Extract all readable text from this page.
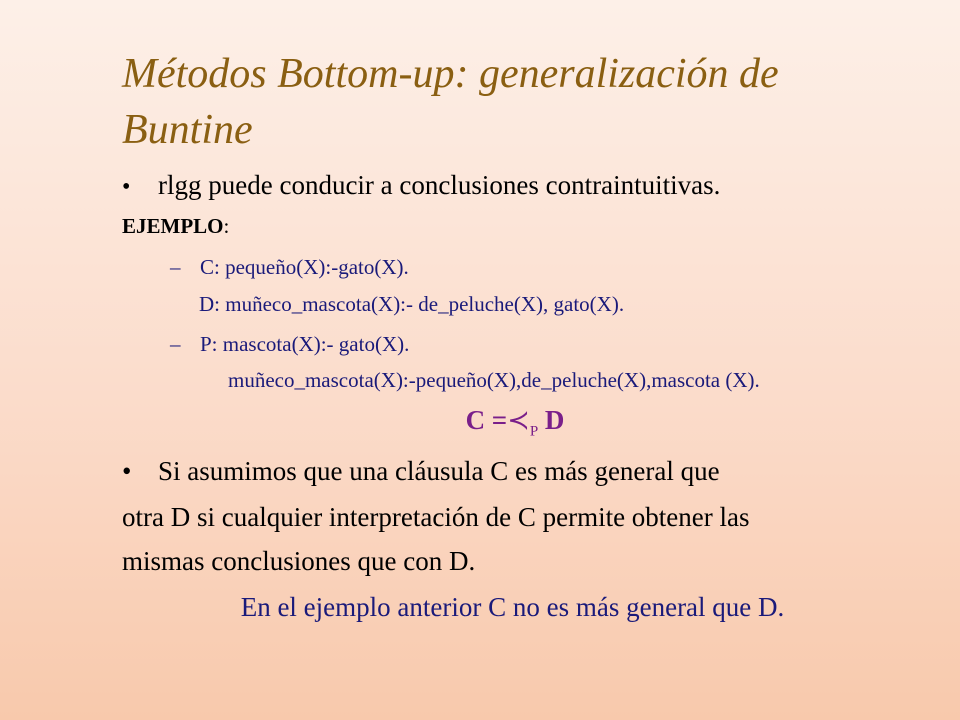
Métodos Bottom-up: generalización de Buntine
• rlgg puede conducir a conclusiones contraintuitivas.
EJEMPLO:
– C: pequeño(X):-gato(X).
D: muñeco_mascota(X):- de_peluche(X), gato(X).
– P: mascota(X):- gato(X).
muñeco_mascota(X):-pequeño(X),de_peluche(X),mascota (X).
$C =≺_P$ D
• Si asumimos que una cláusula C es más general que
otra D si cualquier interpretación de C permite obtener las
mismas conclusiones que con D.
En el ejemplo anterior C no es más general que D.
